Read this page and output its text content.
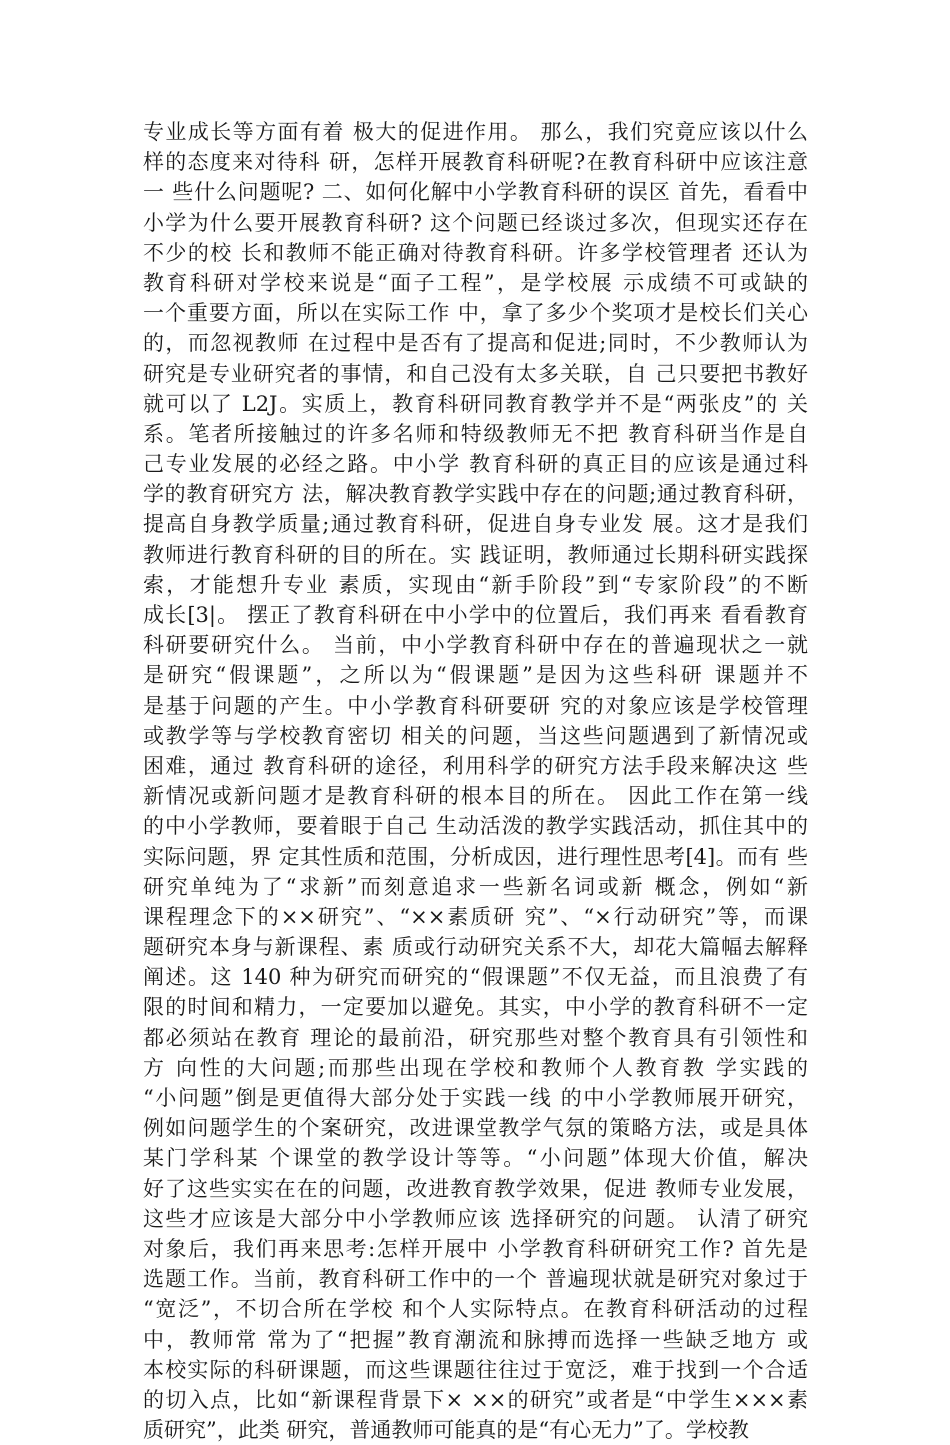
专业成长等方面有着 极大的促进作用。 那么，我们究竟应该以什么
样的态度来对待科 研，怎样开展教育科研呢?在教育科研中应该注意
一 些什么问题呢? 二、如何化解中小学教育科研的误区 首先，看看中
小学为什么要开展教育科研? 这个问题已经谈过多次，但现实还存在
不少的校 长和教师不能正确对待教育科研。许多学校管理者 还认为
教育科研对学校来说是“面子工程”，是学校展 示成绩不可或缺的
一个重要方面，所以在实际工作 中，拿了多少个奖项才是校长们关心
的，而忽视教师 在过程中是否有了提高和促进;同时，不少教师认为
研究是专业研究者的事情，和自己没有太多关联，自 己只要把书教好
就可以了 L2J。实质上，教育科研同教育教学并不是“两张皮”的 关
系。笔者所接触过的许多名师和特级教师无不把 教育科研当作是自
己专业发展的必经之路。中小学 教育科研的真正目的应该是通过科
学的教育研究方 法，解决教育教学实践中存在的问题;通过教育科研，
提高自身教学质量;通过教育科研，促进自身专业发 展。这才是我们
教师进行教育科研的目的所在。实 践证明，教师通过长期科研实践探
索，才能想升专业 素质，实现由“新手阶段”到“专家阶段”的不断
成长[3|。 摆正了教育科研在中小学中的位置后，我们再来 看看教育
科研要研究什么。 当前，中小学教育科研中存在的普遍现状之一就
是研究“假课题”，之所以为“假课题”是因为这些科研 课题并不
是基于问题的产生。中小学教育科研要研 究的对象应该是学校管理
或教学等与学校教育密切 相关的问题，当这些问题遇到了新情况或
困难，通过 教育科研的途径，利用科学的研究方法手段来解决这 些
新情况或新问题才是教育科研的根本目的所在。 因此工作在第一线
的中小学教师，要着眼于自己 生动活泼的教学实践活动，抓住其中的
实际问题，界 定其性质和范围，分析成因，进行理性思考[4]。而有 些
研究单纯为了“求新”而刻意追求一些新名词或新 概念，例如“新
课程理念下的××研究”、“××素质研 究”、“×行动研究”等，而课
题研究本身与新课程、素 质或行动研究关系不大，却花大篇幅去解释
阐述。这 140 种为研究而研究的“假课题”不仅无益，而且浪费了有
限的时间和精力，一定要加以避免。其实，中小学的教育科研不一定
都必须站在教育 理论的最前沿，研究那些对整个教育具有引领性和
方 向性的大问题;而那些出现在学校和教师个人教育教 学实践的
“小问题”倒是更值得大部分处于实践一线 的中小学教师展开研究，
例如问题学生的个案研究，改进课堂教学气氛的策略方法，或是具体
某门学科某 个课堂的教学设计等等。“小问题”体现大价值，解决
好了这些实实在在的问题，改进教育教学效果，促进 教师专业发展，
这些才应该是大部分中小学教师应该 选择研究的问题。 认清了研究
对象后，我们再来思考:怎样开展中 小学教育科研研究工作? 首先是
选题工作。当前，教育科研工作中的一个 普遍现状就是研究对象过于
“宽泛”，不切合所在学校 和个人实际特点。在教育科研活动的过程
中，教师常 常为了“把握”教育潮流和脉搏而选择一些缺乏地方 或
本校实际的科研课题，而这些课题往往过于宽泛，难于找到一个合适
的切入点，比如“新课程背景下× ××的研究”或者是“中学生×××素
质研究”，此类 研究，普通教师可能真的是“有心无力”了。学校教
